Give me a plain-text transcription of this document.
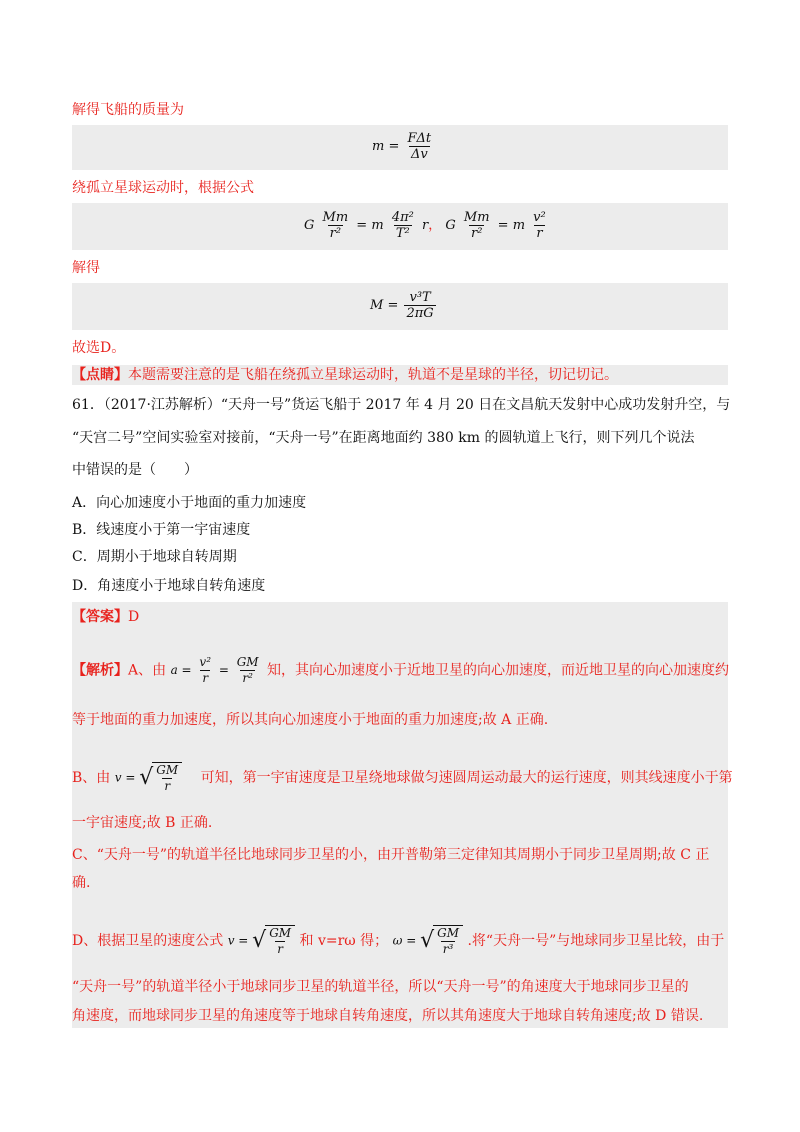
解得飞船的质量为
$m = \frac{\text{FΔt}}{\Delta v}$
绕孤立星球运动时，根据公式
G $\frac{Mm}{\text{r²}} = m \frac{\text{4π²}}{\text{T²}}$ r， G $\frac{Mm}{\text{r²}} = m \frac{\text{v²}}{r}$
解得
$M = \frac{\text{v³T}}{2\pi G}$
故选D。
【点睛】本题需要注意的是飞船在绕孤立星球运动时，轨道不是星球的半径，切记切记。
61．（2017·江苏解析）“天舟一号”货运飞船于 2017 年 4 月 20 日在文昌航天发射中心成功发射升空，与
“天宫二号”空间实验室对接前，“天舟一号”在距离地面约 380 km 的圆轨道上飞行，则下列几个说法
中错误的是（　　）
A．向心加速度小于地面的重力加速度
B．线速度小于第一宇宙速度
C．周期小于地球自转周期
D．角速度小于地球自转角速度
【答案】D
【解析】A、由 $a = \frac{\text{v²}}{r} = \frac{GM}{\text{r²}}$ 知，其向心加速度小于近地卫星的向心加速度，而近地卫星的向心加速度约
等于地面的重力加速度，所以其向心加速度小于地面的重力加速度;故 A 正确.
B、由 v = √ $\frac{GM}{r}$ 可知，第一宇宙速度是卫星绕地球做匀速圆周运动最大的运行速度，则其线速度小于第
一宇宙速度;故 B 正确.
C、“天舟一号”的轨道半径比地球同步卫星的小，由开普勒第三定律知其周期小于同步卫星周期;故 C 正
确.
D、根据卫星的速度公式 v = √ $\frac{GM}{r}$ 和 v=rω 得； ω = √ $\frac{GM}{\text{r³}}$ .将“天舟一号”与地球同步卫星比较，由于
“天舟一号”的轨道半径小于地球同步卫星的轨道半径，所以“天舟一号”的角速度大于地球同步卫星的
角速度，而地球同步卫星的角速度等于地球自转角速度，所以其角速度大于地球自转角速度;故 D 错误.
